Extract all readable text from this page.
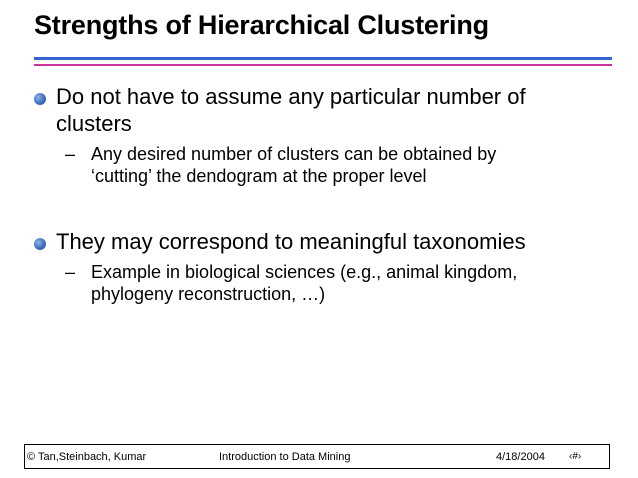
Strengths of Hierarchical Clustering
Do not have to assume any particular number of
clusters
– Any desired number of clusters can be obtained by
‘cutting’ the dendogram at the proper level
They may correspond to meaningful taxonomies
– Example in biological sciences (e.g., animal kingdom,
phylogeny reconstruction, …)
© Tan,Steinbach, Kumar	Introduction to Data Mining	4/18/2004 ‹#›
